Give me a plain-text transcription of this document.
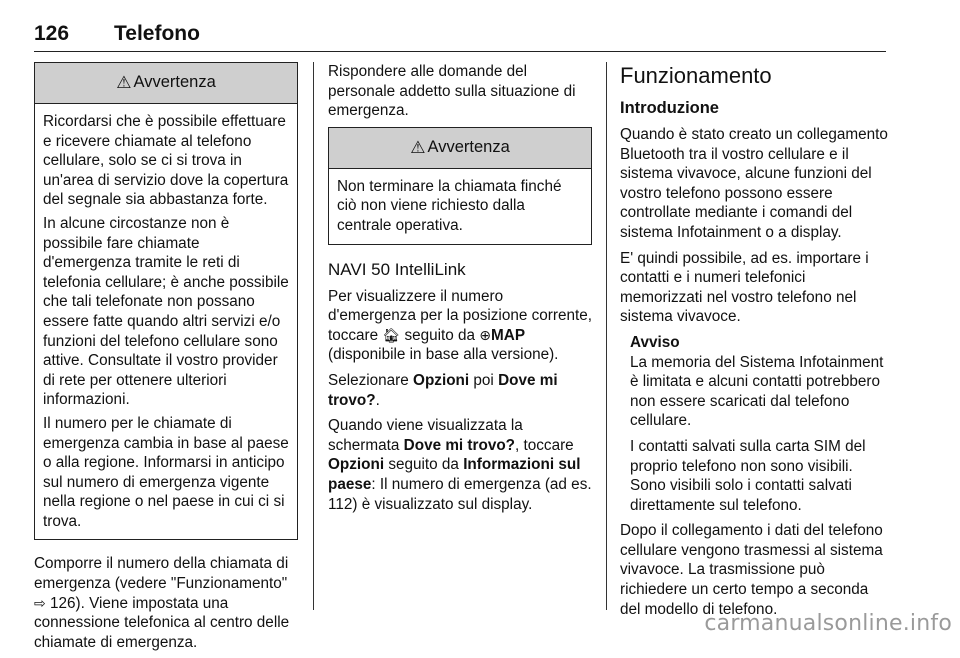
126 Telefono
⚠ Avvertenza

Ricordarsi che è possibile effettuare e ricevere chiamate al telefono cellulare, solo se ci si trova in un'area di servizio dove la copertura del segnale sia abbastanza forte.

In alcune circostanze non è possibile fare chiamate d'emergenza tramite le reti di telefonia cellulare; è anche possibile che tali telefonate non possano essere fatte quando altri servizi e/o funzioni del telefono cellulare sono attive. Consultate il vostro provider di rete per ottenere ulteriori informazioni.

Il numero per le chiamate di emergenza cambia in base al paese o alla regione. Informarsi in anticipo sul numero di emergenza vigente nella regione o nel paese in cui ci si trova.

Comporre il numero della chiamata di emergenza (vedere "Funzionamento" ⇨ 126). Viene impostata una connessione telefonica al centro delle chiamate di emergenza.

Rispondere alle domande del personale addetto sulla situazione di emergenza.

⚠ Avvertenza

Non terminare la chiamata finché ciò non viene richiesto dalla centrale operativa.

NAVI 50 IntelliLink

Per visualizzere il numero d'emergenza per la posizione corrente, toccare 🏠︎ seguito da ⊕MAP (disponibile in base alla versione).

Selezionare Opzioni poi Dove mi trovo?.

Quando viene visualizzata la schermata Dove mi trovo?, toccare Opzioni seguito da Informazioni sul paese: Il numero di emergenza (ad es. 112) è visualizzato sul display.

Funzionamento
Introduzione

Quando è stato creato un collegamento Bluetooth tra il vostro cellulare e il sistema vivavoce, alcune funzioni del vostro telefono possono essere controllate mediante i comandi del sistema Infotainment o a display.

E' quindi possibile, ad es. importare i contatti e i numeri telefonici memorizzati nel vostro telefono nel sistema vivavoce.

Avviso

La memoria del Sistema Infotainment è limitata e alcuni contatti potrebbero non essere scaricati dal telefono cellulare.

I contatti salvati sulla carta SIM del proprio telefono non sono visibili. Sono visibili solo i contatti salvati direttamente sul telefono.

Dopo il collegamento i dati del telefono cellulare vengono trasmessi al sistema vivavoce. La trasmissione può richiedere un certo tempo a seconda del modello di telefono.

carmanualsonline.info
